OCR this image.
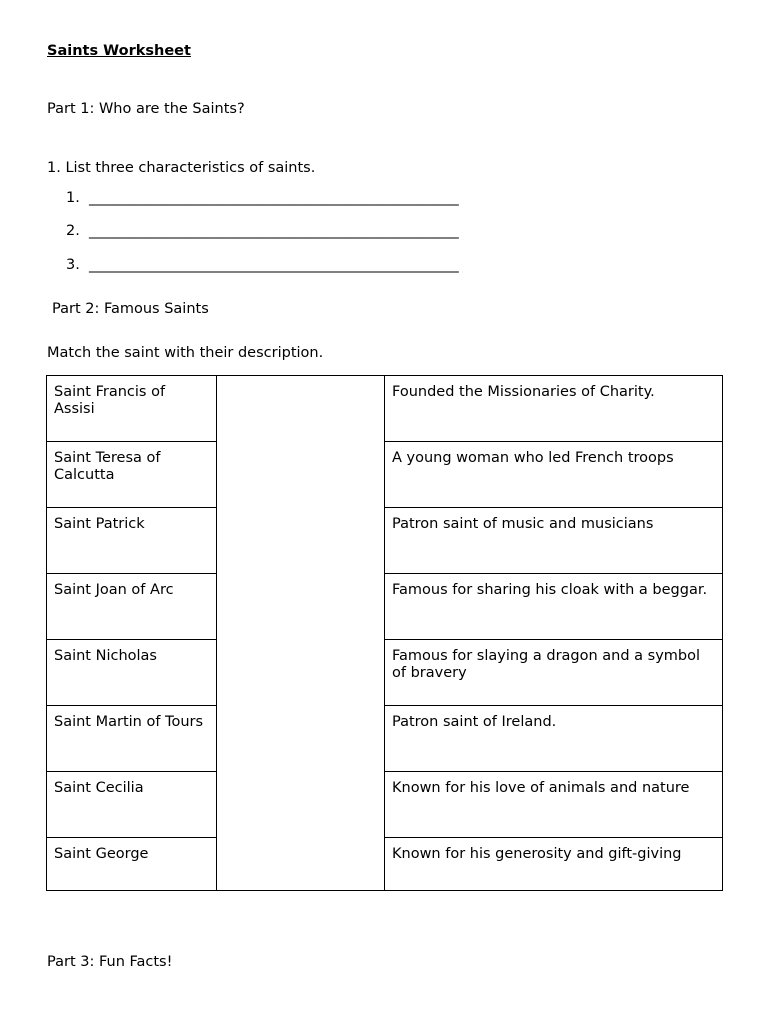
Saints Worksheet
Part 1: Who are the Saints?
1. List three characteristics of saints.
1. ___________________________________________________
2. ___________________________________________________
3. ___________________________________________________
Part 2: Famous Saints
Match the saint with their description.
Saint Francis of Assisi		Founded the Missionaries of Charity.
Saint Teresa of Calcutta		A young woman who led French troops
Saint Patrick		Patron saint of music and musicians
Saint Joan of Arc		Famous for sharing his cloak with a beggar.
Saint Nicholas		Famous for slaying a dragon and a symbol of bravery
Saint Martin of Tours		Patron saint of Ireland.
Saint Cecilia		Known for his love of animals and nature
Saint George		Known for his generosity and gift-giving
Part 3: Fun Facts!
